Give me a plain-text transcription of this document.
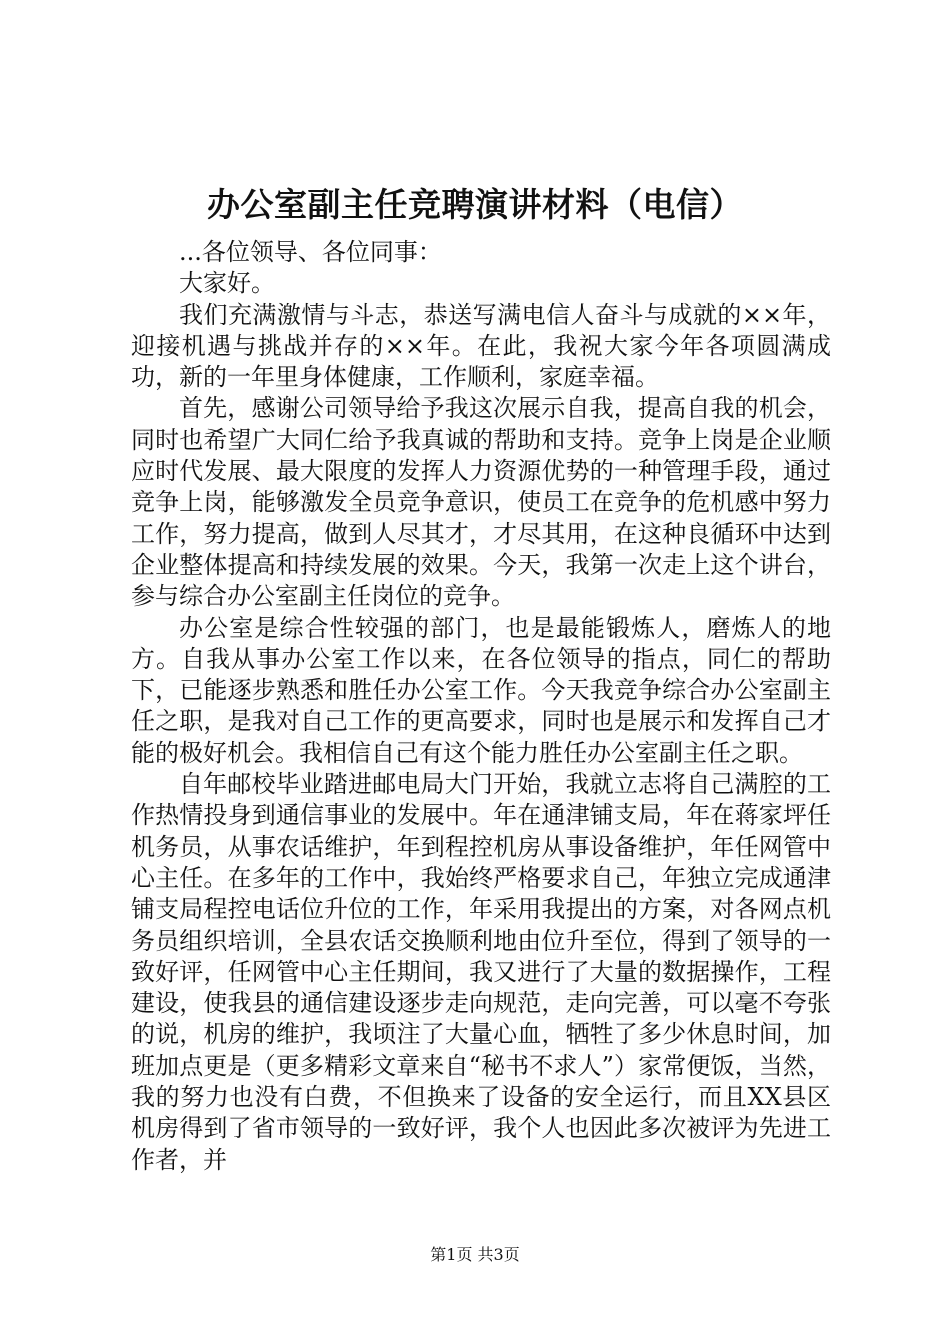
办公室副主任竞聘演讲材料（电信）

...各位领导、各位同事：

大家好。

我们充满激情与斗志，恭送写满电信人奋斗与成就的××年，迎接机遇与挑战并存的××年。在此，我祝大家今年各项圆满成功，新的一年里身体健康，工作顺利，家庭幸福。

首先，感谢公司领导给予我这次展示自我，提高自我的机会，同时也希望广大同仁给予我真诚的帮助和支持。竞争上岗是企业顺应时代发展、最大限度的发挥人力资源优势的一种管理手段，通过竞争上岗，能够激发全员竞争意识，使员工在竞争的危机感中努力工作，努力提高，做到人尽其才，才尽其用，在这种良循环中达到企业整体提高和持续发展的效果。今天，我第一次走上这个讲台，参与综合办公室副主任岗位的竞争。

办公室是综合性较强的部门，也是最能锻炼人，磨炼人的地方。自我从事办公室工作以来，在各位领导的指点，同仁的帮助下，已能逐步熟悉和胜任办公室工作。今天我竞争综合办公室副主任之职，是我对自己工作的更高要求，同时也是展示和发挥自己才能的极好机会。我相信自己有这个能力胜任办公室副主任之职。

自年邮校毕业踏进邮电局大门开始，我就立志将自己满腔的工作热情投身到通信事业的发展中。年在通津铺支局，年在蒋家坪任机务员，从事农话维护，年到程控机房从事设备维护，年任网管中心主任。在多年的工作中，我始终严格要求自己，年独立完成通津铺支局程控电话位升位的工作，年采用我提出的方案，对各网点机务员组织培训，全县农话交换顺利地由位升至位，得到了领导的一致好评，任网管中心主任期间，我又进行了大量的数据操作，工程建设，使我县的通信建设逐步走向规范，走向完善，可以毫不夸张的说，机房的维护，我顷注了大量心血，牺牲了多少休息时间，加班加点更是（更多精彩文章来自“秘书不求人”）家常便饭，当然，我的努力也没有白费，不但换来了设备的安全运行，而且XX县区机房得到了省市领导的一致好评，我个人也因此多次被评为先进工作者，并

第1页 共3页
